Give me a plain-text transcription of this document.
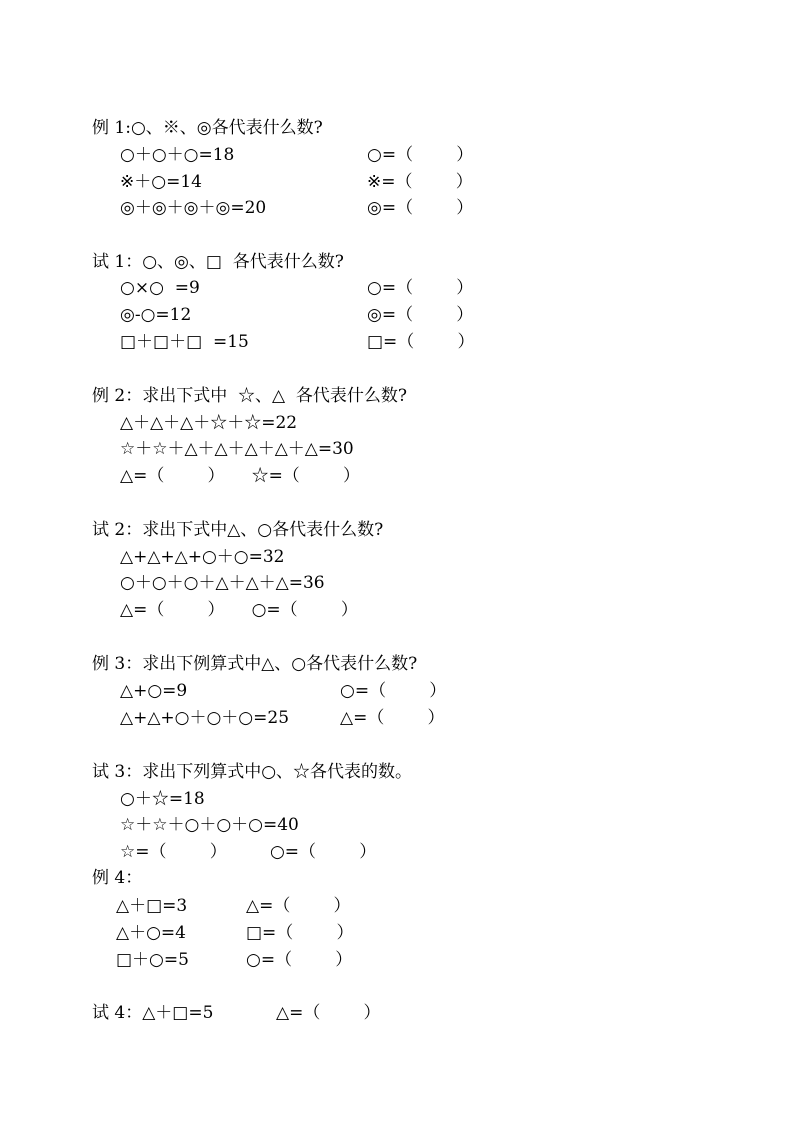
例 1:○、※、◎各代表什么数?
○＋○＋○=18	○=（        ）
※＋○=14	※=（        ）
◎＋◎＋◎＋◎=20	◎=（        ）
试 1：○、◎、□  各代表什么数?
○×○  =9	○=（        ）
◎-○=12	◎=（        ）
□＋□＋□  =15	□=（        ）
例 2：求出下式中  ☆、△  各代表什么数?
△＋△＋△＋☆＋☆=22
☆＋☆＋△＋△＋△＋△＋△=30
△=（        ）     ☆=（        ）
试 2：求出下式中△、○各代表什么数?
△+△+△+○＋○=32
○＋○＋○＋△＋△＋△=36
△=（        ）     ○=（        ）
例 3：求出下例算式中△、○各代表什么数?
△+○=9	○=（        ）
△+△+○＋○＋○=25	△=（        ）
试 3：求出下列算式中○、☆各代表的数。
○＋☆=18
☆＋☆＋○＋○＋○=40
☆=（        ）        ○=（        ）
例 4：
△＋□=3	△=（        ）
△＋○=4	□=（        ）
□＋○=5	○=（        ）
试 4：△＋□=5	△=（        ）
